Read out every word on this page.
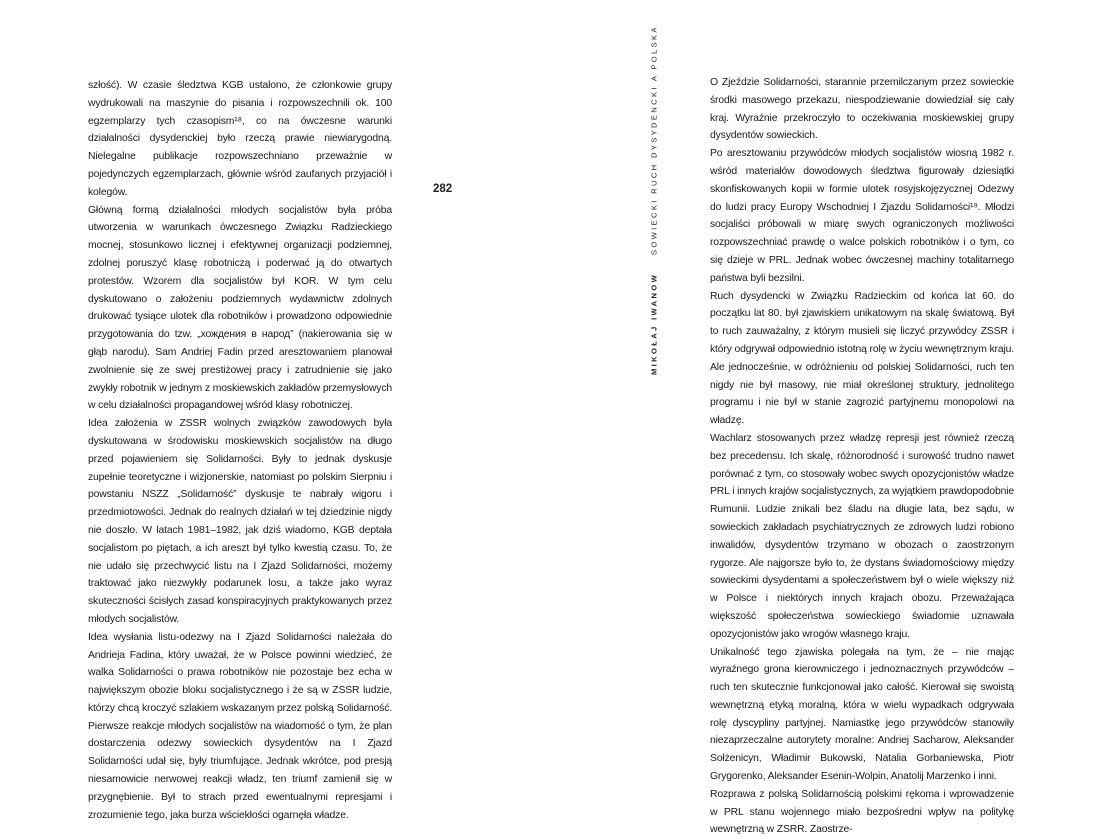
szłość). W czasie śledztwa KGB ustalono, że członkowie grupy wydrukowali na maszynie do pisania i rozpowszechnili ok. 100 egzemplarzy tych czasopism¹⁸, co na ówczesne warunki działalności dysydenckiej było rzeczą prawie niewiarygodną. Nielegalne publikacje rozpowszechniano przeważnie w pojedynczych egzemplarzach, głównie wśród zaufanych przyjaciół i kolegów.

Główną formą działalności młodych socjalistów była próba utworzenia w warunkach ówczesnego Związku Radzieckiego mocnej, stosunkowo licznej i efektywnej organizacji podziemnej, zdolnej poruszyć klasę robotniczą i poderwać ją do otwartych protestów. Wzorem dla socjalistów był KOR. W tym celu dyskutowano o założeniu podziemnych wydawnictw zdolnych drukować tysiące ulotek dla robotników i prowadzono odpowiednie przygotowania do tzw. „хождения в народ” (nakierowania się w głąb narodu). Sam Andriej Fadin przed aresztowaniem planował zwolnienie się ze swej prestiżowej pracy i zatrudnienie się jako zwykły robotnik w jednym z moskiewskich zakładów przemysłowych w celu działalności propagandowej wśród klasy robotniczej.

Idea założenia w ZSSR wolnych związków zawodowych była dyskutowana w środowisku moskiewskich socjalistów na długo przed pojawieniem się Solidarności. Były to jednak dyskusje zupełnie teoretyczne i wizjonerskie, natomiast po polskim Sierpniu i powstaniu NSZZ „Solidarność” dyskusje te nabrały wigoru i przedmiotowości. Jednak do realnych działań w tej dziedzinie nigdy nie doszło. W latach 1981–1982, jak dziś wiadomo, KGB deptała socjalistom po piętach, a ich areszt był tylko kwestią czasu. To, że nie udało się przechwycić listu na I Zjazd Solidarności, możemy traktować jako niezwykły podarunek losu, a także jako wyraz skuteczności ścisłych zasad konspiracyjnych praktykowanych przez młodych socjalistów.

Idea wysłania listu-odezwy na I Zjazd Solidarności należała do Andrieja Fadina, który uważał, że w Polsce powinni wiedzieć, że walka Solidarności o prawa robotników nie pozostaje bez echa w największym obozie bloku socjalistycznego i że są w ZSSR ludzie, którzy chcą kroczyć szlakiem wskazanym przez polską Solidarność. Pierwsze reakcje młodych socjalistów na wiadomość o tym, że plan dostarczenia odezwy sowieckich dysydentów na I Zjazd Solidarności udał się, były triumfujące. Jednak wkrótce, pod presją niesamowicie nerwowej reakcji władz, ten triumf zamienił się w przygnębienie. Był to strach przed ewentualnymi represjami i zrozumienie tego, jaka burza wściekłości ogarnęła władze.

282
MIKOŁAJ IWANOW    SOWIECKI RUCH DYSYDENCKI A POLSKA	O Zjeździe Solidarności, starannie przemilczanym przez sowieckie środki masowego przekazu, niespodziewanie dowiedział się cały kraj. Wyraźnie przekroczyło to oczekiwania moskiewskiej grupy dysydentów sowieckich.

Po aresztowaniu przywódców młodych socjalistów wiosną 1982 r. wśród materiałów dowodowych śledztwa figurowały dziesiątki skonfiskowanych kopii w formie ulotek rosyjskojęzycznej Odezwy do ludzi pracy Europy Wschodniej I Zjazdu Solidarności¹⁹. Młodzi socjaliści próbowali w miarę swych ograniczonych możliwości rozpowszechniać prawdę o walce polskich robotników i o tym, co się dzieje w PRL. Jednak wobec ówczesnej machiny totalitarnego państwa byli bezsilni.

Ruch dysydencki w Związku Radzieckim od końca lat 60. do początku lat 80. był zjawiskiem unikatowym na skalę światową. Był to ruch zauważalny, z którym musieli się liczyć przywódcy ZSSR i który odgrywał odpowiednio istotną rolę w życiu wewnętrznym kraju. Ale jednocześnie, w odróżnieniu od polskiej Solidarności, ruch ten nigdy nie był masowy, nie miał określonej struktury, jednolitego programu i nie był w stanie zagrozić partyjnemu monopolowi na władzę.

Wachlarz stosowanych przez władzę represji jest również rzeczą bez precedensu. Ich skalę, różnorodność i surowość trudno nawet porównać z tym, co stosowały wobec swych opozycjonistów władze PRL i innych krajów socjalistycznych, za wyjątkiem prawdopodobnie Rumunii. Ludzie znikali bez śladu na długie lata, bez sądu, w sowieckich zakładach psychiatrycznych ze zdrowych ludzi robiono inwalidów, dysydentów trzymano w obozach o zaostrzonym rygorze. Ale najgorsze było to, że dystans świadomościowy między sowieckimi dysydentami a społeczeństwem był o wiele większy niż w Polsce i niektórych innych krajach obozu. Przeważająca większość społeczeństwa sowieckiego świadomie uznawała opozycjonistów jako wrogów własnego kraju.

Unikalność tego zjawiska polegała na tym, że – nie mając wyraźnego grona kierowniczego i jednoznacznych przywódców – ruch ten skutecznie funkcjonował jako całość. Kierował się swoistą wewnętrzną etyką moralną, która w wielu wypadkach odgrywała rolę dyscypliny partyjnej. Namiastkę jego przywódców stanowiły niezaprzeczalne autorytety moralne: Andriej Sacharow, Aleksander Sołżenicyn, Władimir Bukowski, Natalia Gorbaniewska, Piotr Grygorenko, Aleksander Esenin-Wolpin, Anatolij Marzenko i inni.

Rozprawa z polską Solidarnością polskimi rękoma i wprowadzenie w PRL stanu wojennego miało bezpośredni wpływ na politykę wewnętrzną w ZSRR. Zaostrze-
